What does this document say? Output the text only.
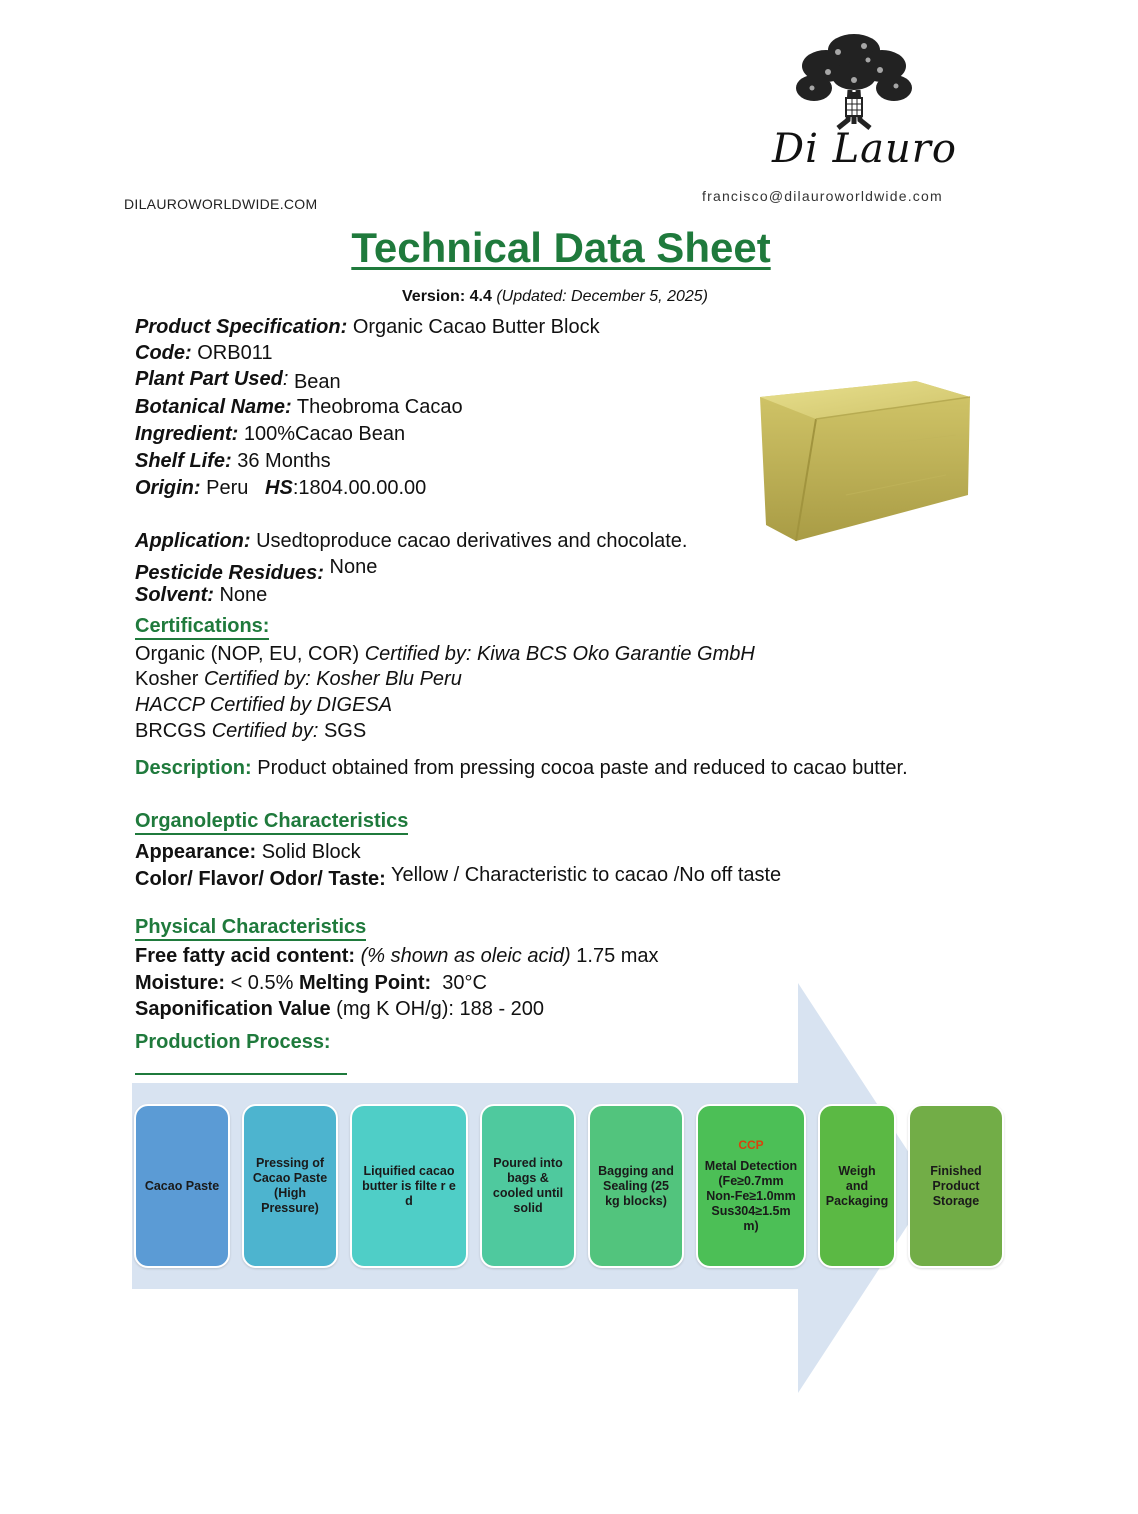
Di Lauro
francisco@dilauroworldwide.com
DILAUROWORLDWIDE.COM
Technical Data Sheet
Version: 4.4 (Updated: December 5, 2025)
Product Specification: Organic Cacao Butter Block
Code: ORB011
Plant Part Used: Bean
Botanical Name: Theobroma Cacao
Ingredient: 100%Cacao Bean
Shelf Life: 36 Months
Origin: Peru HS:1804.00.00.00
Application: Usedtoproduce cacao derivatives and chocolate.
Pesticide Residues: None
Solvent: None
Certifications:
Organic (NOP, EU, COR) Certified by: Kiwa BCS Oko Garantie GmbH
Kosher Certified by: Kosher Blu Peru
HACCP Certified by DIGESA
BRCGS Certified by: SGS
Description: Product obtained from pressing cocoa paste and reduced to cacao butter.
Organoleptic Characteristics
Appearance: Solid Block
Color/ Flavor/ Odor/ Taste: Yellow / Characteristic to cacao /No off taste
Physical Characteristics
Free fatty acid content: (% shown as oleic acid) 1.75 max
Moisture: < 0.5% Melting Point: 30°C
Saponification Value (mg K OH/g): 188 - 200
Production Process:
Cacao Paste
Pressing of Cacao Paste (High Pressure)
Liquified cacao butter is filte r e d
Poured into bags & cooled until solid
Bagging and Sealing (25 kg blocks)
CCP
Metal Detection (Fe≥0.7mm Non-Fe≥1.0mm Sus304≥1.5m m)
Weigh and Packaging
Finished Product Storage
